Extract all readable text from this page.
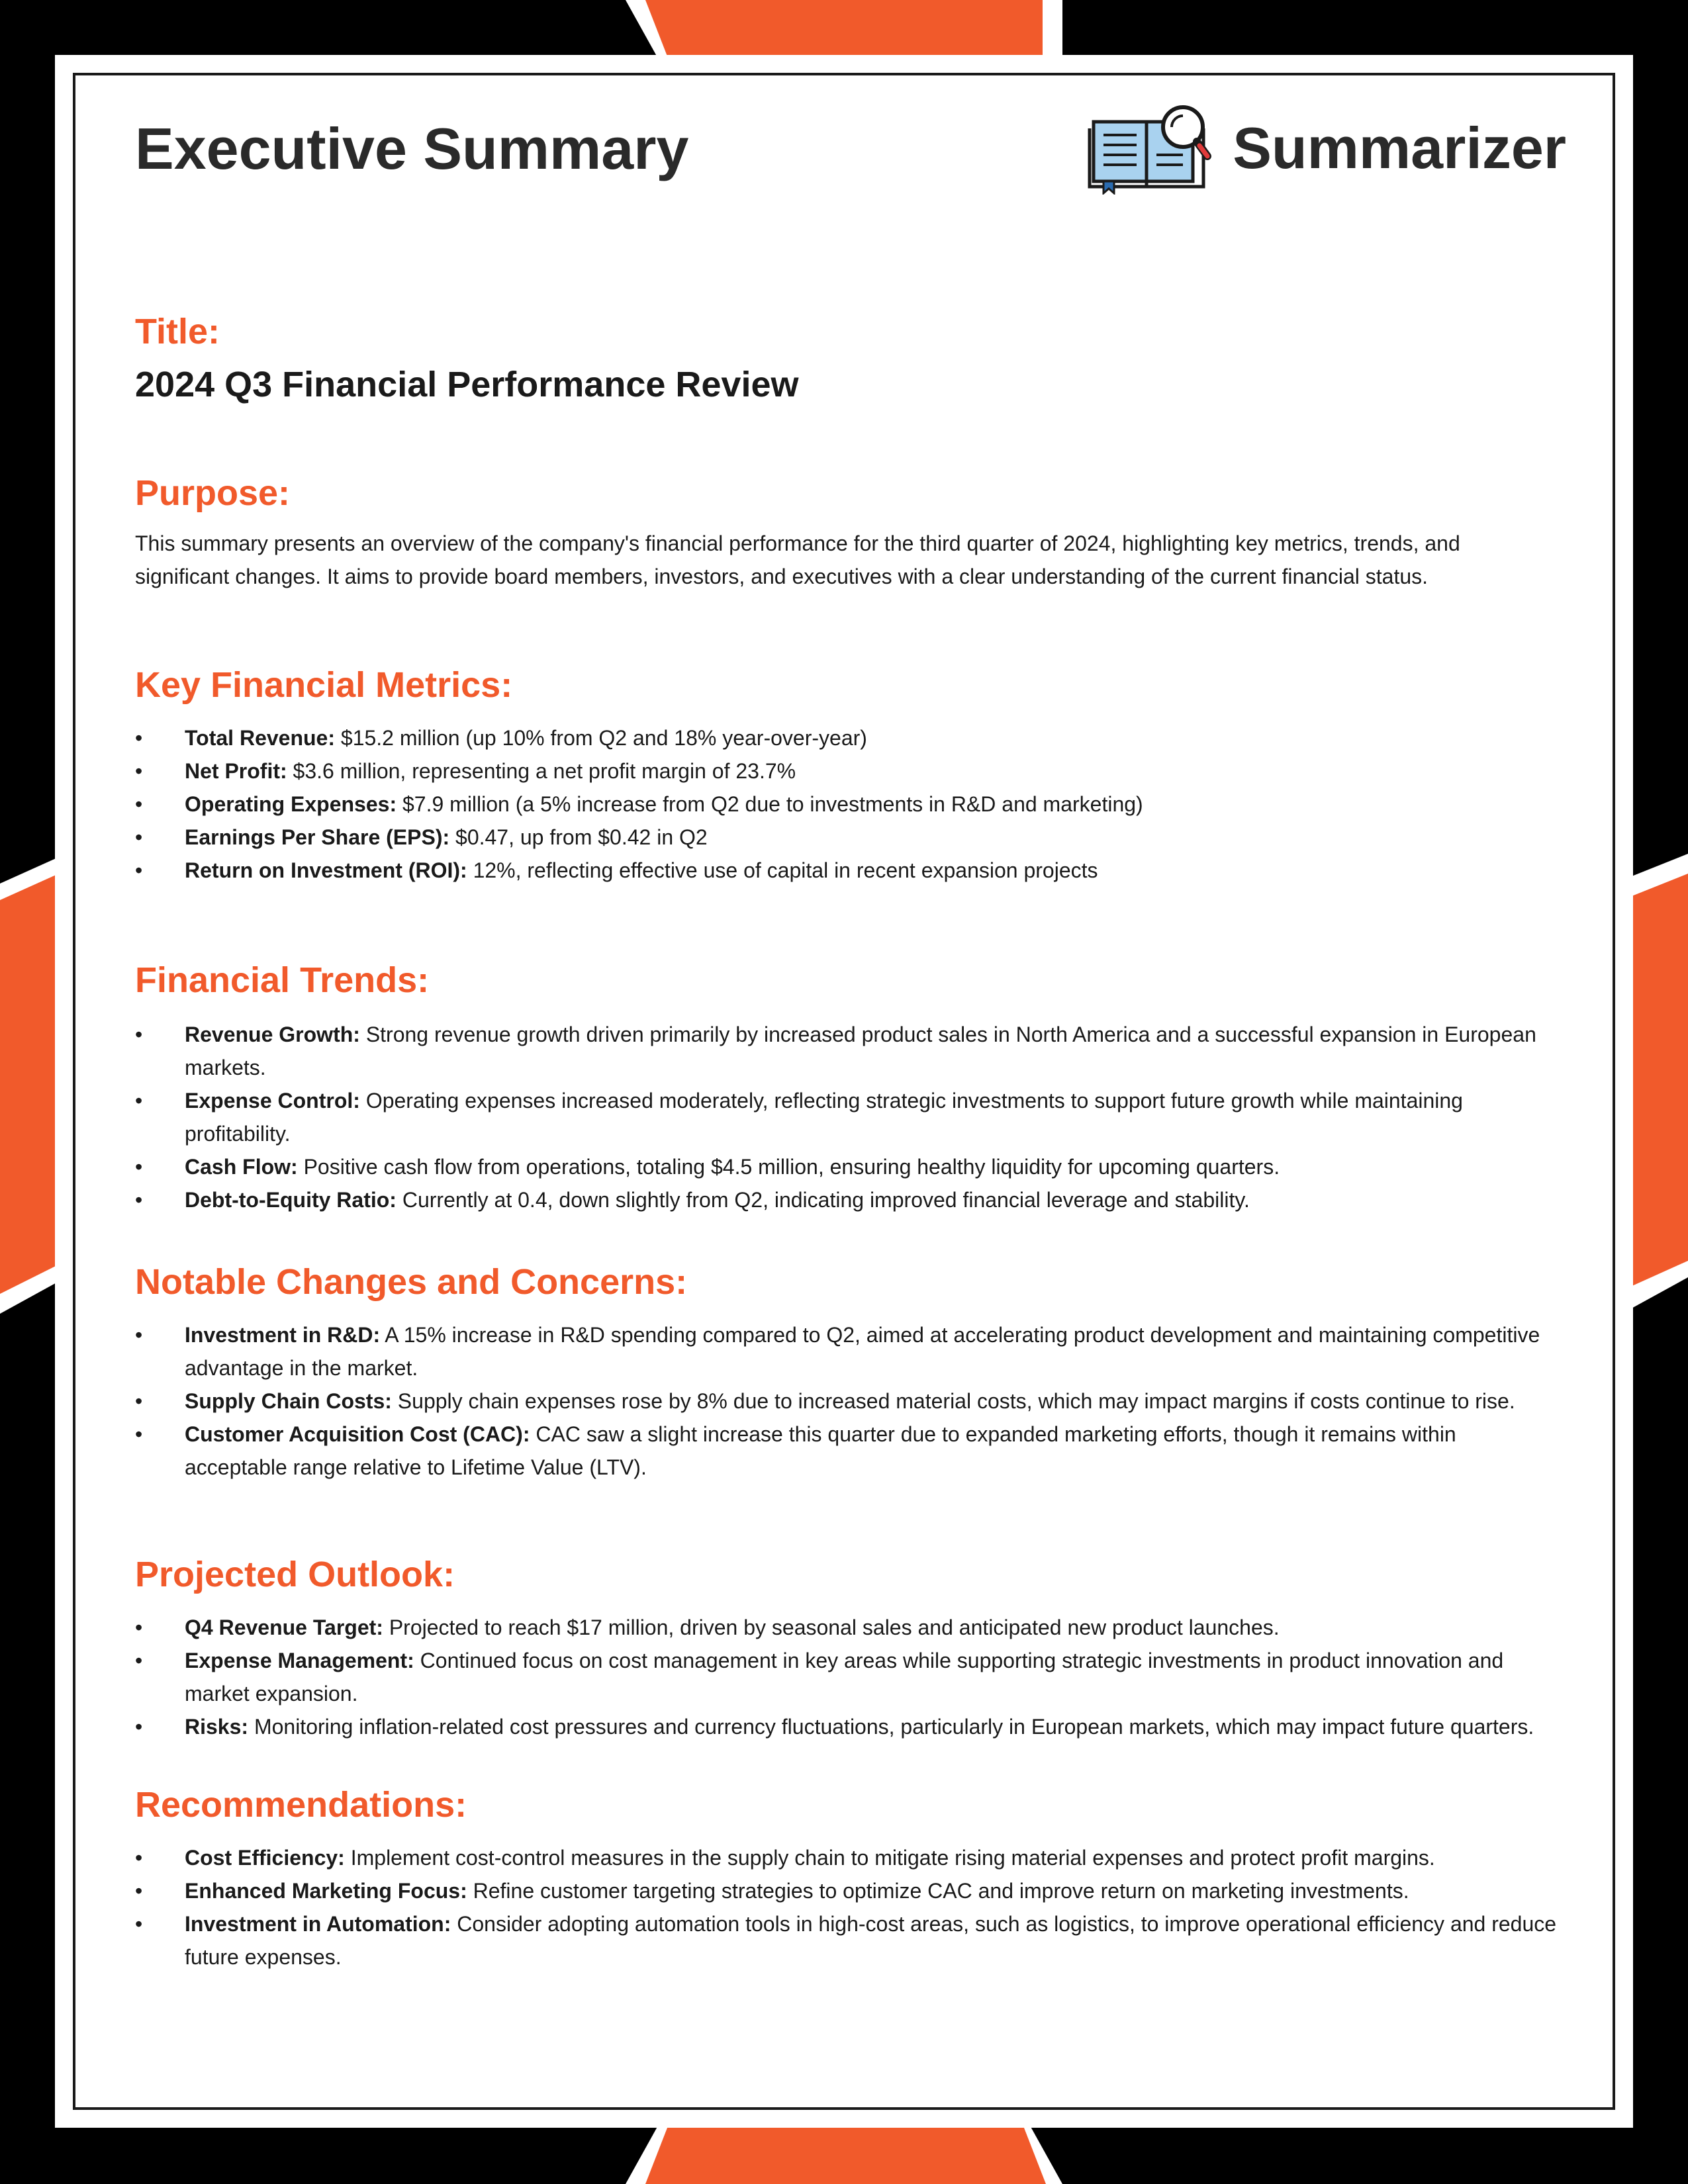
Executive Summary	Summarizer
Title:

2024 Q3 Financial Performance Review

Purpose:

This summary presents an overview of the company's financial performance for the third quarter of 2024, highlighting key metrics, trends, and significant changes. It aims to provide board members, investors, and executives with a clear understanding of the current financial status.

Key Financial Metrics:
• Total Revenue: $15.2 million (up 10% from Q2 and 18% year-over-year)
• Net Profit: $3.6 million, representing a net profit margin of 23.7%
• Operating Expenses: $7.9 million (a 5% increase from Q2 due to investments in R&D and marketing)
• Earnings Per Share (EPS): $0.47, up from $0.42 in Q2
• Return on Investment (ROI): 12%, reflecting effective use of capital in recent expansion projects
Financial Trends:
• Revenue Growth: Strong revenue growth driven primarily by increased product sales in North America and a successful expansion in European markets.
• Expense Control: Operating expenses increased moderately, reflecting strategic investments to support future growth while maintaining profitability.
• Cash Flow: Positive cash flow from operations, totaling $4.5 million, ensuring healthy liquidity for upcoming quarters.
• Debt-to-Equity Ratio: Currently at 0.4, down slightly from Q2, indicating improved financial leverage and stability.
Notable Changes and Concerns:
• Investment in R&D: A 15% increase in R&D spending compared to Q2, aimed at accelerating product development and maintaining competitive advantage in the market.
• Supply Chain Costs: Supply chain expenses rose by 8% due to increased material costs, which may impact margins if costs continue to rise.
• Customer Acquisition Cost (CAC): CAC saw a slight increase this quarter due to expanded marketing efforts, though it remains within acceptable range relative to Lifetime Value (LTV).
Projected Outlook:
• Q4 Revenue Target: Projected to reach $17 million, driven by seasonal sales and anticipated new product launches.
• Expense Management: Continued focus on cost management in key areas while supporting strategic investments in product innovation and market expansion.
• Risks: Monitoring inflation-related cost pressures and currency fluctuations, particularly in European markets, which may impact future quarters.
Recommendations:
• Cost Efficiency: Implement cost-control measures in the supply chain to mitigate rising material expenses and protect profit margins.
• Enhanced Marketing Focus: Refine customer targeting strategies to optimize CAC and improve return on marketing investments.
• Investment in Automation: Consider adopting automation tools in high-cost areas, such as logistics, to improve operational efficiency and reduce future expenses.
